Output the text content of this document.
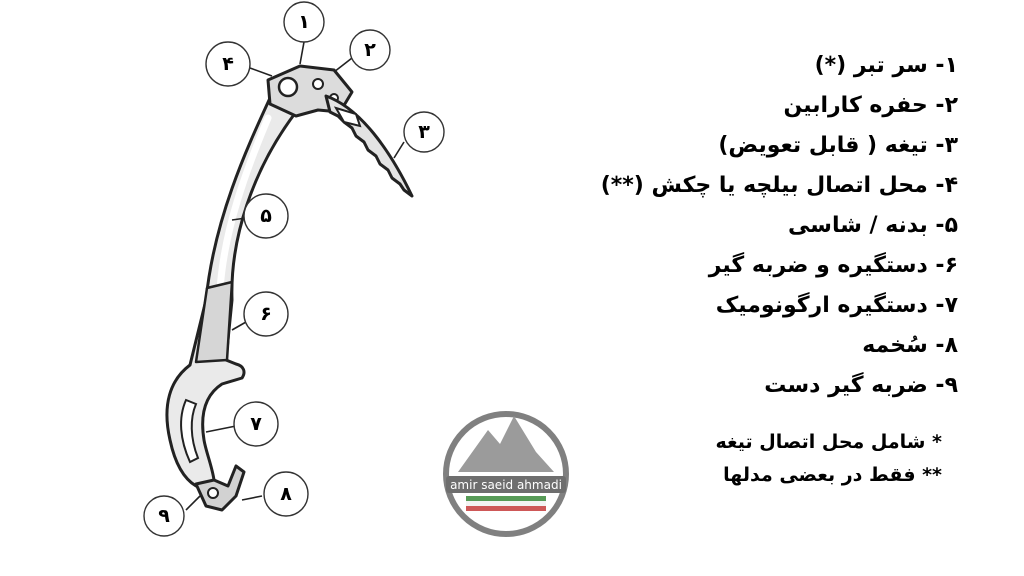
۱
۲
۳
۴
۵
۶
۷
۸
۹
amir saeid ahmadi
۱- سر تبر (*)
۲- حفره کارابین
۳- تیغه ( قابل تعویض)
۴- محل اتصال بیلچه یا چکش (**)
۵- بدنه / شاسی
۶- دستگیره و ضربه گیر
۷- دستگیره ارگونومیک
۸- سُخمه
۹- ضربه گیر دست
* شامل محل اتصال تیغه
** فقط در بعضی مدلها
